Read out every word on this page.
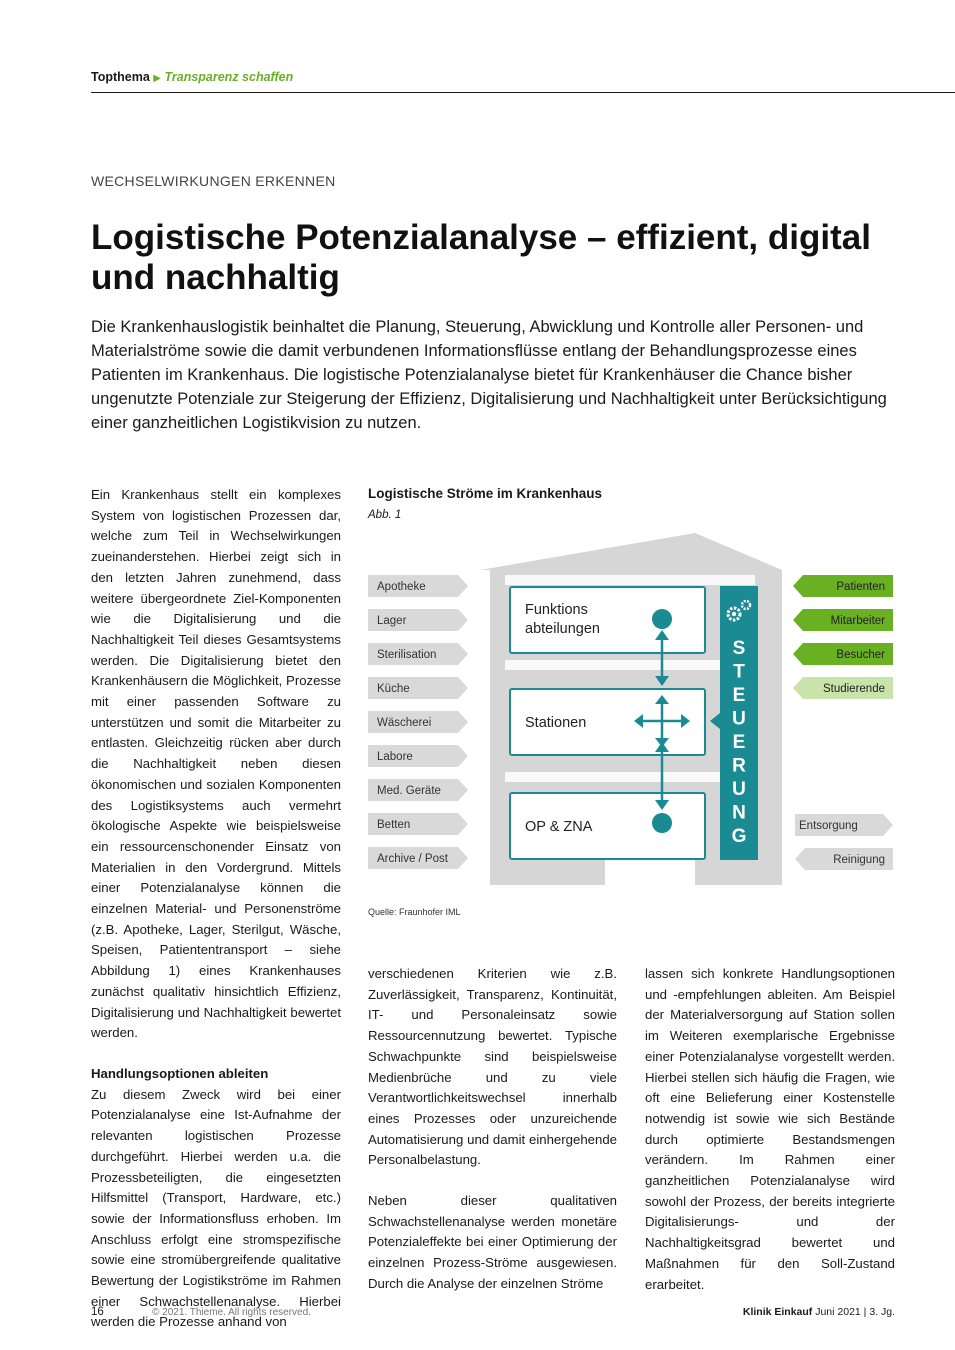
Topthema ▶ Transparenz schaffen
WECHSELWIRKUNGEN ERKENNEN
Logistische Potenzialanalyse – effizient, digital und nachhaltig

Die Krankenhauslogistik beinhaltet die Planung, Steuerung, Abwicklung und Kontrolle aller Personen- und Materialströme sowie die damit verbundenen Informationsflüsse entlang der Behandlungsprozesse eines Patienten im Krankenhaus. Die logistische Potenzialanalyse bietet für Krankenhäuser die Chance bisher ungenutzte Potenziale zur Steigerung der Effizienz, Digitalisierung und Nachhaltigkeit unter Berücksichtigung einer ganzheitlichen Logistikvision zu nutzen.

Ein Krankenhaus stellt ein komplexes System von logistischen Prozessen dar, welche zum Teil in Wechselwirkungen zueinanderstehen. Hierbei zeigt sich in den letzten Jahren zunehmend, dass weitere übergeordnete Ziel-Komponenten wie die Digitalisierung und die Nachhaltigkeit Teil dieses Gesamtsystems werden. Die Digitalisierung bietet den Krankenhäusern die Möglichkeit, Prozesse mit einer passenden Software zu unterstützen und somit die Mitarbeiter zu entlasten. Gleichzeitig rücken aber durch die Nachhaltigkeit neben diesen ökonomischen und sozialen Komponenten des Logistiksystems auch vermehrt ökologische Aspekte wie beispielsweise ein ressourcenschonender Einsatz von Materialien in den Vordergrund. Mittels einer Potenzialanalyse können die einzelnen Material- und Personenströme (z.B. Apotheke, Lager, Sterilgut, Wäsche, Speisen, Patiententransport – siehe Abbildung 1) eines Krankenhauses zunächst qualitativ hinsichtlich Effizienz, Digitalisierung und Nachhaltigkeit bewertet werden.

Handlungsoptionen ableiten

Zu diesem Zweck wird bei einer Potenzialanalyse eine Ist-Aufnahme der relevanten logistischen Prozesse durchgeführt. Hierbei werden u.a. die Prozessbeteiligten, die eingesetzten Hilfsmittel (Transport, Hardware, etc.) sowie der Informationsfluss erhoben. Im Anschluss erfolgt eine stromspezifische sowie eine stromübergreifende qualitative Bewertung der Logistikströme im Rahmen einer Schwachstellenanalyse. Hierbei werden die Prozesse anhand von

Logistische Ströme im Krankenhaus
Abb. 1
Funktions
abteilungen
Stationen
OP & ZNA
S
T
E
U
E
R
U
N
G
Apotheke
Lager
Sterilisation
Küche
Wäscherei
Labore
Med. Geräte
Betten
Archive / Post
Patienten
Mitarbeiter
Besucher
Studierende
Entsorgung
Reinigung
Quelle: Fraunhofer IML

verschiedenen Kriterien wie z.B. Zuverlässigkeit, Transparenz, Kontinuität, IT- und Personaleinsatz sowie Ressourcennutzung bewertet. Typische Schwachpunkte sind beispielsweise Medienbrüche und zu viele Verantwortlichkeitswechsel innerhalb eines Prozesses oder unzureichende Automatisierung und damit einhergehende Personalbelastung.

Neben dieser qualitativen Schwachstellenanalyse werden monetäre Potenzialeffekte bei einer Optimierung der einzelnen Prozess-Ströme ausgewiesen. Durch die Analyse der einzelnen Ströme

lassen sich konkrete Handlungsoptionen und -empfehlungen ableiten. Am Beispiel der Materialversorgung auf Station sollen im Weiteren exemplarische Ergebnisse einer Potenzialanalyse vorgestellt werden. Hierbei stellen sich häufig die Fragen, wie oft eine Belieferung einer Kostenstelle notwendig ist sowie wie sich Bestände durch optimierte Bestandsmengen verändern. Im Rahmen einer ganzheitlichen Potenzialanalyse wird sowohl der Prozess, der bereits integrierte Digitalisierungs- und der Nachhaltigkeitsgrad bewertet und Maßnahmen für den Soll-Zustand erarbeitet.

16	© 2021. Thieme. All rights reserved.	Klinik Einkauf Juni 2021 | 3. Jg.
